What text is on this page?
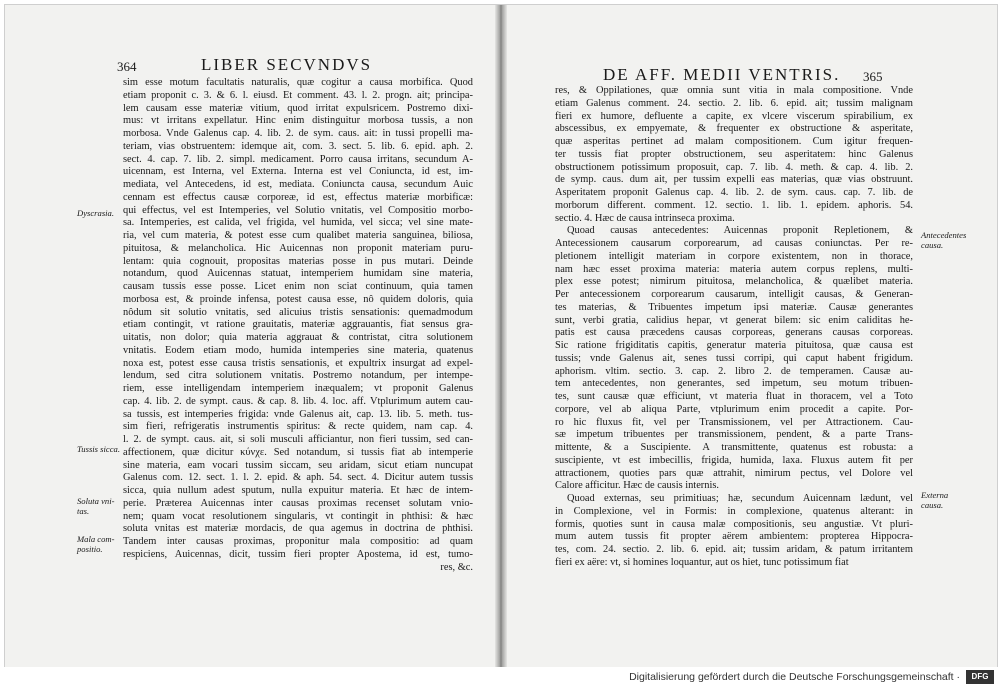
364	LIBER SECVNDVS
sim esse motum facultatis naturalis, quæ cogitur a causa morbifica. Quod
etiam proponit c. 3. & 6. l. eiusd. Et comment. 43. l. 2. progn. ait; principa-
lem causam esse materiæ vitium, quod irritat expulsricem. Postremo dixi-
mus: vt irritans expellatur. Hinc enim distinguitur morbosa tussis, a non
morbosa. Vnde Galenus cap. 4. lib. 2. de sym. caus. ait: in tussi propelli ma-
teriam, vias obstruentem: idemque ait, com. 3. sect. 5. lib. 6. epid. aph. 2.
sect. 4. cap. 7. lib. 2. simpl. medicament. Porro causa irritans, secundum A-
uicennam, est Interna, vel Externa. Interna est vel Coniuncta, id est, im-
mediata, vel Antecedens, id est, mediata. Coniuncta causa, secundum Auic
cennam est effectus causæ corporeæ, id est, effectus materiæ morbificæ:
qui effectus, vel est Intemperies, vel Solutio vnitatis, vel Compositio morbo-
sa. Intemperies, est calida, vel frigida, vel humida, vel sicca; vel sine mate-
ria, vel cum materia, & potest esse cum qualibet materia sanguinea, biliosa,
pituitosa, & melancholica. Hic Auicennas non proponit materiam puru-
lentam: quia cognouit, propositas materias posse in pus mutari. Deinde
notandum, quod Auicennas statuat, intemperiem humidam sine materia,
causam tussis esse posse. Licet enim non sciat continuum, quia tamen
morbosa est, & proinde infensa, potest causa esse, nô quidem doloris, quia
nôdum sit solutio vnitatis, sed alicuius tristis sensationis: quemadmodum
etiam contingit, vt ratione grauitatis, materiæ aggrauantis, fiat sensus gra-
uitatis, non dolor; quia materia aggrauat & contristat, citra solutionem
vnitatis. Eodem etiam modo, humida intemperies sine materia, quatenus
noxa est, potest esse causa tristis sensationis, et expultrix insurgat ad expel-
lendum, sed citra solutionem vnitatis. Postremo notandum, per intempe-
riem, esse intelligendam intemperiem inæqualem; vt proponit Galenus
cap. 4. lib. 2. de sympt. caus. & cap. 8. lib. 4. loc. aff. Vtplurimum autem cau-
sa tussis, est intemperies frigida: vnde Galenus ait, cap. 13. lib. 5. meth. tus-
sim fieri, refrigeratis instrumentis spiritus: & recte quidem, nam cap. 4.
l. 2. de sympt. caus. ait, si soli musculi afficiantur, non fieri tussim, sed can-
affectionem, quæ dicitur κύνχε. Sed notandum, si tussis fiat ab intemperie
sine materia, eam vocari tussim siccam, seu aridam, sicut etiam nuncupat
Galenus com. 12. sect. 1. l. 2. epid. & aph. 54. sect. 4. Dicitur autem tussis
sicca, quia nullum adest sputum, nulla expuitur materia. Et hæc de intem-
perie. Præterea Auicennas inter causas proximas recenset solutam vnio-
nem; quam vocat resolutionem singularis, vt contingit in phthisi: & hæc
soluta vnitas est materiæ mordacis, de qua agemus in doctrina de phthisi.
Tandem inter causas proximas, proponitur mala compositio: ad quam
respiciens, Auicennas, dicit, tussim fieri propter Apostema, id est, tumo-
res, &c.
Dyscrasia.
Tussis sicca.
Soluta vni-tas.
Mala com-positio.
DE AFF. MEDII VENTRIS. 365
res, & Oppilationes, quæ omnia sunt vitia in mala compositione. Vnde
etiam Galenus comment. 24. sectio. 2. lib. 6. epid. ait; tussim malignam
fieri ex humore, defluente a capite, ex vlcere viscerum spirabilium, ex
abscessibus, ex empyemate, & frequenter ex obstructione & asperitate,
quæ asperitas pertinet ad malam compositionem. Cum igitur frequen-
ter tussis fiat propter obstructionem, seu asperitatem: hinc Galenus
obstructionem potissimum proposuit, cap. 7. lib. 4. meth. & cap. 4. lib. 2.
de symp. caus. dum ait, per tussim expelli eas materias, quæ vias obstruunt.
Asperitatem proponit Galenus cap. 4. lib. 2. de sym. caus. cap. 7. lib. de
morborum different. comment. 12. sectio. 1. lib. 1. epidem. aphoris. 54.
sectio. 4. Hæc de causa intrinseca proxima.
Quoad causas antecedentes: Auicennas proponit Repletionem, &
Antecessionem causarum corporearum, ad causas coniunctas. Per re-
pletionem intelligit materiam in corpore existentem, non in thorace,
nam hæc esset proxima materia: materia autem corpus replens, multi-
plex esse potest; nimirum pituitosa, melancholica, & quælibet materia.
Per antecessionem corporearum causarum, intelligit causas, & Generan-
tes materias, & Tribuentes impetum ipsi materiæ. Causæ generantes
sunt, verbi gratia, calidius hepar, vt generat bilem: sic enim caliditas he-
patis est causa præcedens causas corporeas, generans causas corporeas.
Sic ratione frigiditatis capitis, generatur materia pituitosa, quæ causa est
tussis; vnde Galenus ait, senes tussi corripi, qui caput habent frigidum.
aphorism. vltim. sectio. 3. cap. 2. libro 2. de temperamen. Causæ au-
tem antecedentes, non generantes, sed impetum, seu motum tribuen-
tes, sunt causæ quæ efficiunt, vt materia fluat in thoracem, vel a Toto
corpore, vel ab aliqua Parte, vtplurimum enim procedit a capite. Por-
ro hic fluxus fit, vel per Transmissionem, vel per Attractionem. Cau-
sæ impetum tribuentes per transmissionem, pendent, & a parte Trans-
mittente, & a Suscipiente. A transmittente, quatenus est robusta: a
suscipiente, vt est imbecillis, frigida, humida, laxa. Fluxus autem fit per
attractionem, quoties pars quæ attrahit, nimirum pectus, vel Dolore vel
Calore afficitur. Hæc de causis internis.
Quoad externas, seu primitiuas; hæ, secundum Auicennam lædunt, vel
in Complexione, vel in Formis: in complexione, quatenus alterant: in
formis, quoties sunt in causa malæ compositionis, seu angustiæ. Vt pluri-
mum autem tussis fit propter aërem ambientem: propterea Hippocra-
tes, com. 24. sectio. 2. lib. 6. epid. ait; tussim aridam, & patum irritantem
fieri ex aëre: vt, si homines loquantur, aut os hiet, tunc potissimum fiat
Antecedentes causa.
Externa causa.
Digitalisierung gefördert durch die Deutsche Forschungsgemeinschaft ·	DFG
